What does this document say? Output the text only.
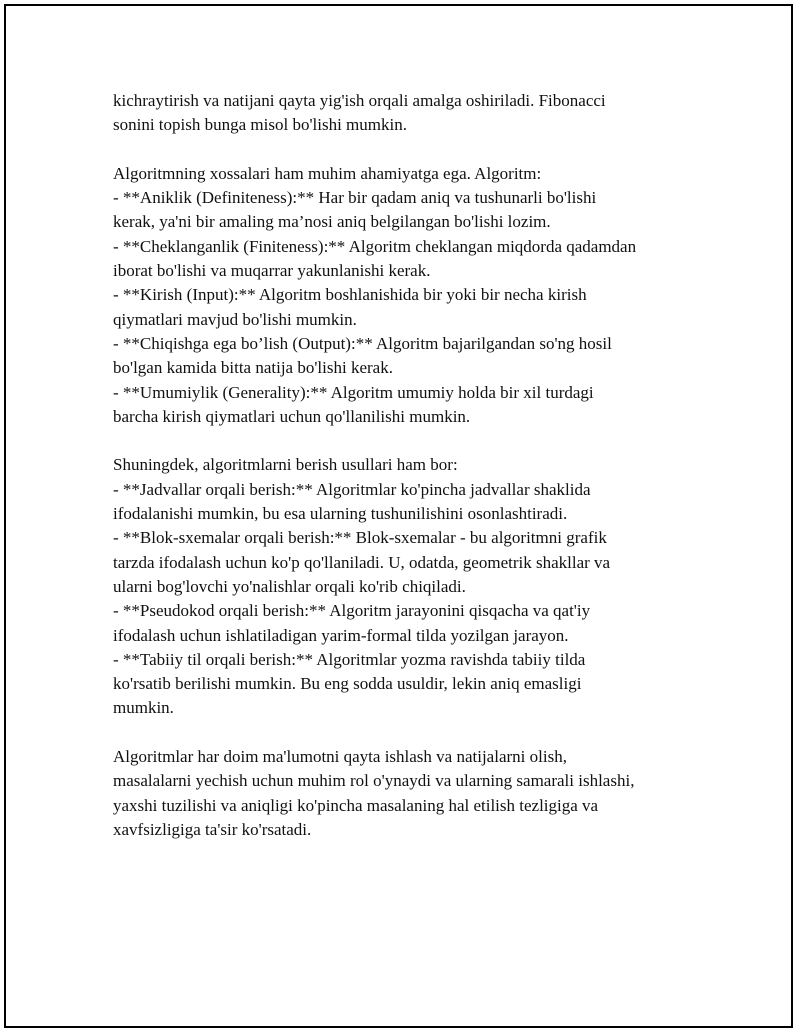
kichraytirish va natijani qayta yig'ish orqali amalga oshiriladi. Fibonacci
sonini topish bunga misol bo'lishi mumkin.

Algoritmning xossalari ham muhim ahamiyatga ega. Algoritm:
- **Aniklik (Definiteness):** Har bir qadam aniq va tushunarli bo'lishi
kerak, ya'ni bir amaling ma’nosi aniq belgilangan bo'lishi lozim.
- **Cheklanganlik (Finiteness):** Algoritm cheklangan miqdorda qadamdan
iborat bo'lishi va muqarrar yakunlanishi kerak.
- **Kirish (Input):** Algoritm boshlanishida bir yoki bir necha kirish
qiymatlari mavjud bo'lishi mumkin.
- **Chiqishga ega bo’lish (Output):** Algoritm bajarilgandan so'ng hosil
bo'lgan kamida bitta natija bo'lishi kerak.
- **Umumiylik (Generality):** Algoritm umumiy holda bir xil turdagi
barcha kirish qiymatlari uchun qo'llanilishi mumkin.

Shuningdek, algoritmlarni berish usullari ham bor:
- **Jadvallar orqali berish:** Algoritmlar ko'pincha jadvallar shaklida
ifodalanishi mumkin, bu esa ularning tushunilishini osonlashtiradi.
- **Blok-sxemalar orqali berish:** Blok-sxemalar - bu algoritmni grafik
tarzda ifodalash uchun ko'p qo'llaniladi. U, odatda, geometrik shakllar va
ularni bog'lovchi yo'nalishlar orqali ko'rib chiqiladi.
- **Pseudokod orqali berish:** Algoritm jarayonini qisqacha va qat'iy
ifodalash uchun ishlatiladigan yarim-formal tilda yozilgan jarayon.
- **Tabiiy til orqali berish:** Algoritmlar yozma ravishda tabiiy tilda
ko'rsatib berilishi mumkin. Bu eng sodda usuldir, lekin aniq emasligi
mumkin.

Algoritmlar har doim ma'lumotni qayta ishlash va natijalarni olish,
masalalarni yechish uchun muhim rol o'ynaydi va ularning samarali ishlashi,
yaxshi tuzilishi va aniqligi ko'pincha masalaning hal etilish tezligiga va
xavfsizligiga ta'sir ko'rsatadi.
